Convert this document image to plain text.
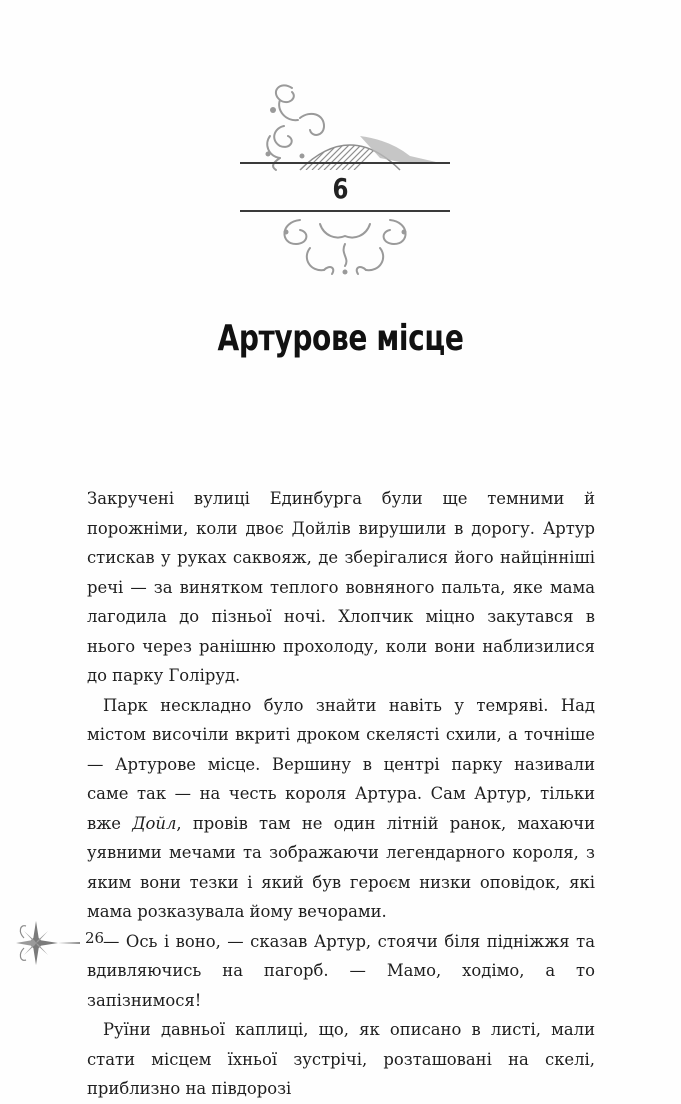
6
Артурове місце

Закручені вулиці Единбурга були ще темними й порожніми, коли двоє Дойлів вирушили в дорогу. Артур стискав у руках саквояж, де зберігалися його найцінніші речі — за винятком теплого вовняного пальта, яке мама лагодила до пізньої ночі. Хлопчик міцно закутався в нього через ранішню прохолоду, коли вони наблизилися до парку Голіруд.

Парк нескладно було знайти навіть у темряві. Над містом височіли вкриті дроком скелясті схили, а точніше — Артурове місце. Вершину в центрі парку називали саме так — на честь короля Артура. Сам Артур, тільки вже Дойл, провів там не один літній ранок, махаючи уявними мечами та зображаючи легендарного короля, з яким вони тезки і який був героєм низки оповідок, які мама розказувала йому вечорами.

— Ось і воно, — сказав Артур, стоячи біля підніжжя та вдивляючись на пагорб. — Мамо, ходімо, а то запізнимося!

Руїни давньої каплиці, що, як описано в листі, мали стати місцем їхньої зустрічі, розташовані на скелі, приблизно на півдорозі

26
